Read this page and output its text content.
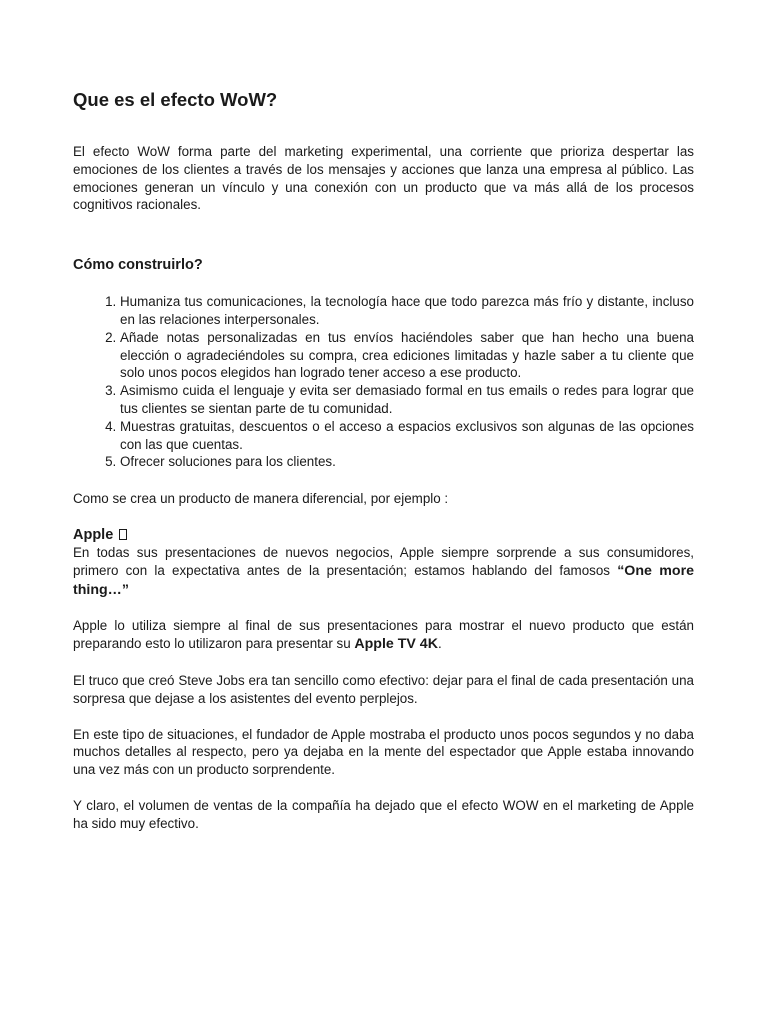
Que es el efecto WoW?

El efecto WoW forma parte del marketing experimental, una corriente que prioriza despertar las emociones de los clientes a través de los mensajes y acciones que lanza una empresa al público. Las emociones generan un vínculo y una conexión con un producto que va más allá de los procesos cognitivos racionales.

Cómo construirlo?
1. Humaniza tus comunicaciones, la tecnología hace que todo parezca más frío y distante, incluso en las relaciones interpersonales.
2. Añade notas personalizadas en tus envíos haciéndoles saber que han hecho una buena elección o agradeciéndoles su compra, crea ediciones limitadas y hazle saber a tu cliente que solo unos pocos elegidos han logrado tener acceso a ese producto.
3. Asimismo cuida el lenguaje y evita ser demasiado formal en tus emails o redes para lograr que tus clientes se sientan parte de tu comunidad.
4. Muestras gratuitas, descuentos o el acceso a espacios exclusivos son algunas de las opciones con las que cuentas.
5. Ofrecer soluciones para los clientes.

Como se crea un producto de manera diferencial, por ejemplo :

Apple

En todas sus presentaciones de nuevos negocios, Apple siempre sorprende a sus consumidores, primero con la expectativa antes de la presentación; estamos hablando del famosos “One more thing…”

Apple lo utiliza siempre al final de sus presentaciones para mostrar el nuevo producto que están preparando esto lo utilizaron para presentar su Apple TV 4K.

El truco que creó Steve Jobs era tan sencillo como efectivo: dejar para el final de cada presentación una sorpresa que dejase a los asistentes del evento perplejos.

En este tipo de situaciones, el fundador de Apple mostraba el producto unos pocos segundos y no daba muchos detalles al respecto, pero ya dejaba en la mente del espectador que Apple estaba innovando una vez más con un producto sorprendente.

Y claro, el volumen de ventas de la compañía ha dejado que el efecto WOW en el marketing de Apple ha sido muy efectivo.
